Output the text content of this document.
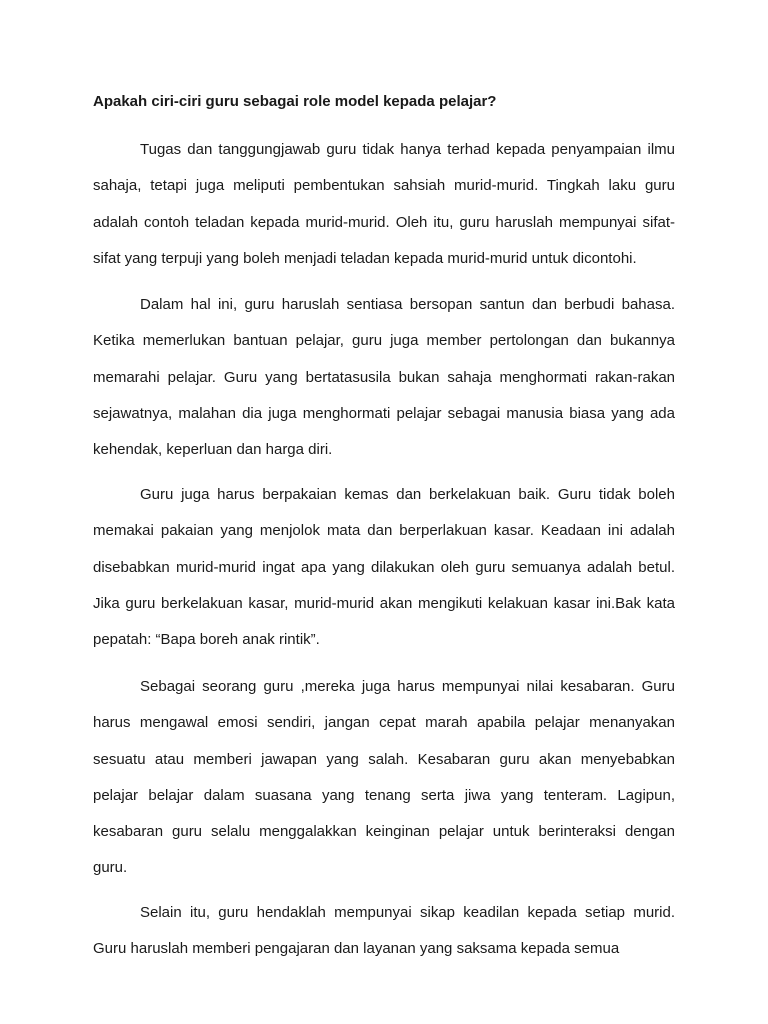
Apakah ciri-ciri guru sebagai role model kepada pelajar?

Tugas dan tanggungjawab guru tidak hanya terhad kepada penyampaian ilmu sahaja, tetapi juga meliputi pembentukan sahsiah murid-murid. Tingkah laku guru adalah contoh teladan kepada murid-murid. Oleh itu, guru haruslah mempunyai sifat-sifat yang terpuji yang boleh menjadi teladan kepada murid-murid untuk dicontohi.

Dalam hal ini, guru haruslah sentiasa bersopan santun dan berbudi bahasa. Ketika memerlukan bantuan pelajar, guru juga member pertolongan dan bukannya memarahi pelajar. Guru yang bertatasusila bukan sahaja menghormati rakan-rakan sejawatnya, malahan dia juga menghormati pelajar sebagai manusia biasa yang ada kehendak, keperluan dan harga diri.

Guru juga harus berpakaian kemas dan berkelakuan baik. Guru tidak boleh memakai pakaian yang menjolok mata dan berperlakuan kasar. Keadaan ini adalah disebabkan murid-murid ingat apa yang dilakukan oleh guru semuanya adalah betul. Jika guru berkelakuan kasar, murid-murid akan mengikuti kelakuan kasar ini.Bak kata pepatah: “Bapa boreh anak rintik”.

Sebagai seorang guru ,mereka juga harus mempunyai nilai kesabaran. Guru harus mengawal emosi sendiri, jangan cepat marah apabila pelajar menanyakan sesuatu atau memberi jawapan yang salah. Kesabaran guru akan menyebabkan pelajar belajar dalam suasana yang tenang serta jiwa yang tenteram. Lagipun, kesabaran guru selalu menggalakkan keinginan pelajar untuk berinteraksi dengan guru.

Selain itu, guru hendaklah mempunyai sikap keadilan kepada setiap murid. Guru haruslah memberi pengajaran dan layanan yang saksama kepada semua
